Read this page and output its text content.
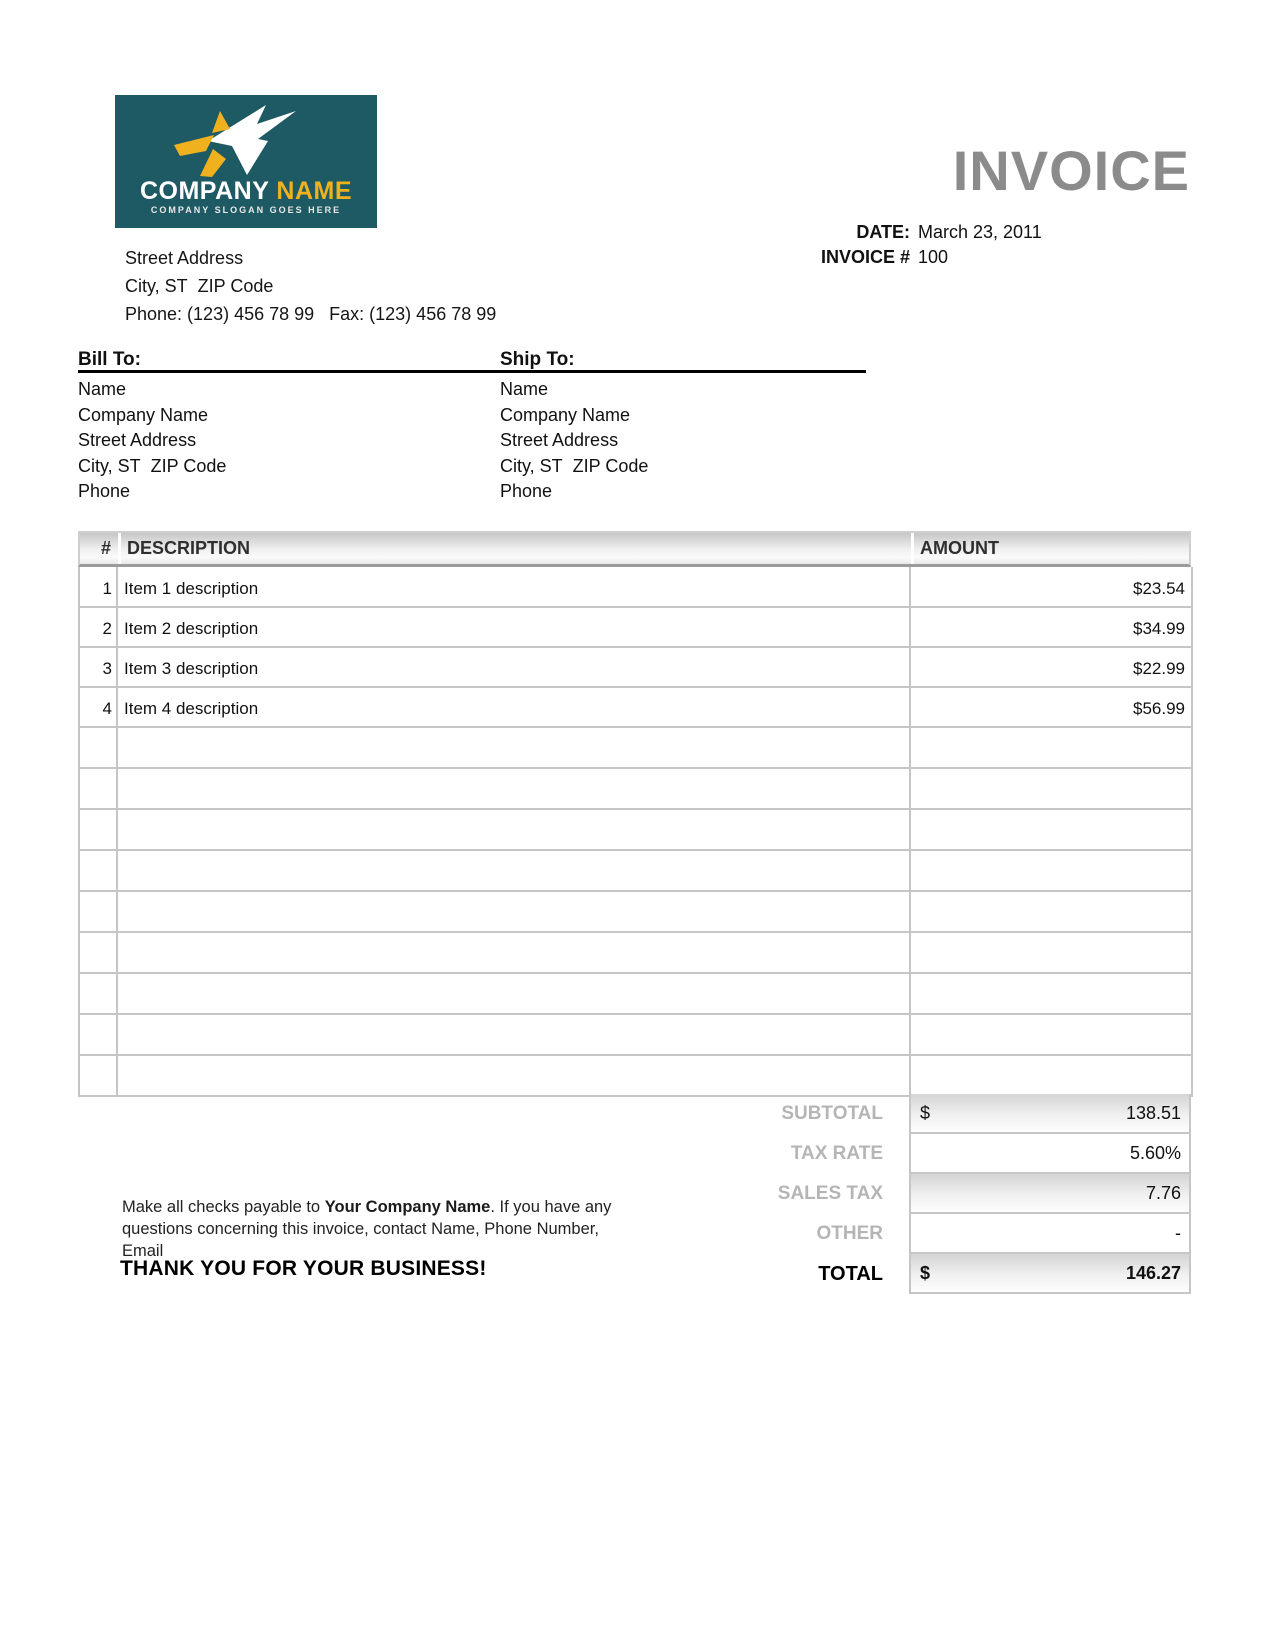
COMPANY NAME
COMPANY SLOGAN GOES HERE
Street Address
City, ST  ZIP Code
Phone: (123) 456 78 99   Fax: (123) 456 78 99
INVOICE
DATE: March 23, 2011
INVOICE # 100
Bill To:	Ship To:
Name
Company Name
Street Address
City, ST  ZIP Code
Phone
Name
Company Name
Street Address
City, ST  ZIP Code
Phone
# DESCRIPTION	AMOUNT
1	Item 1 description	$23.54
2	Item 2 description	$34.99
3	Item 3 description	$22.99
4	Item 4 description	$56.99

SUBTOTAL	$	138.51
TAX RATE	5.60%
SALES TAX	7.76
OTHER	-
TOTAL	$	146.27

Make all checks payable to Your Company Name. If you have any questions concerning this invoice, contact Name, Phone Number, Email

THANK YOU FOR YOUR BUSINESS!
